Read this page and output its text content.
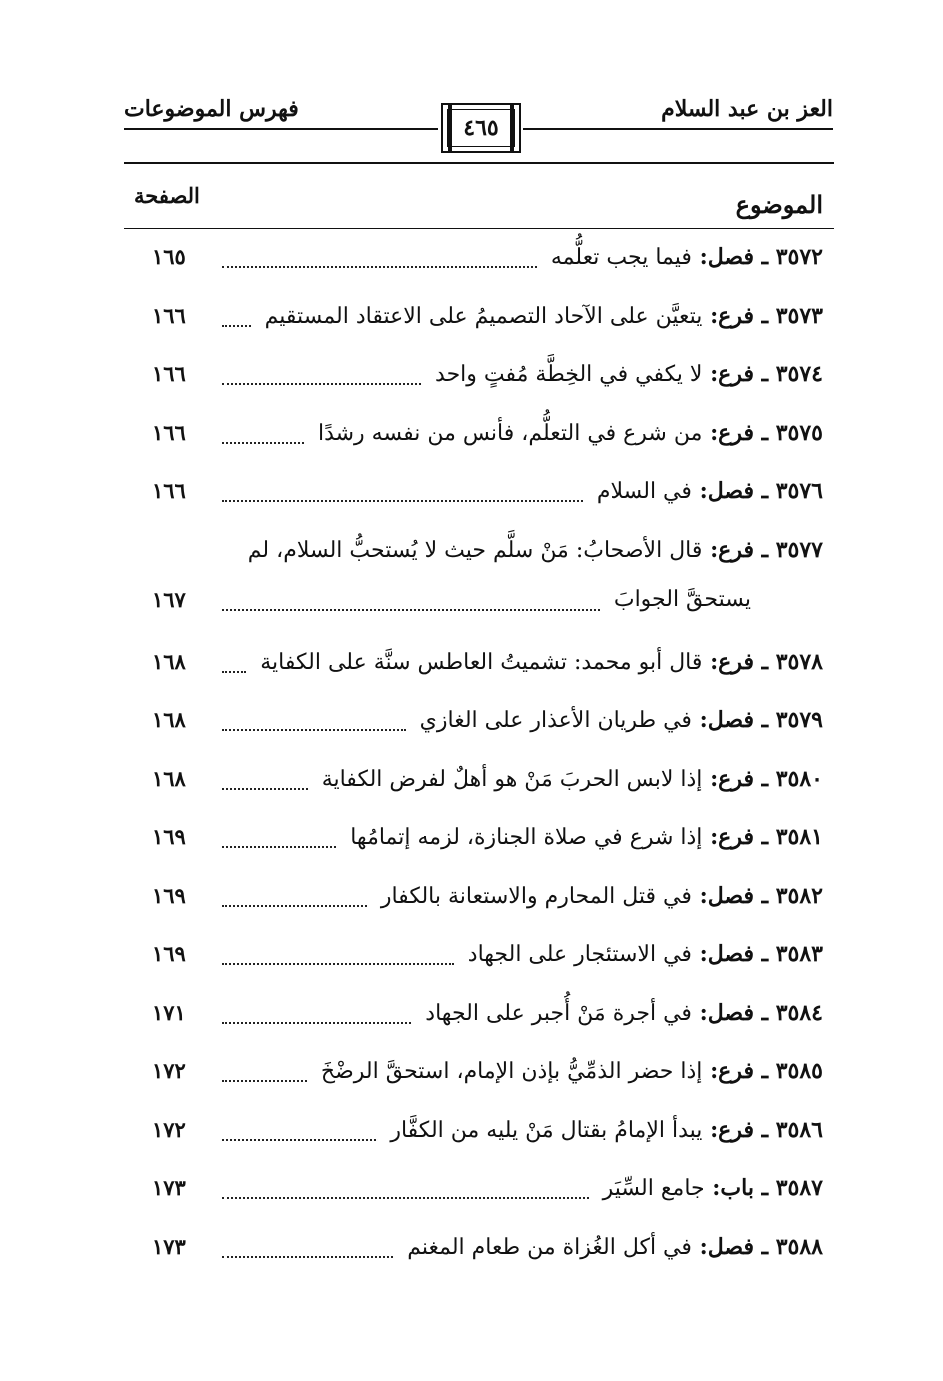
العز بن عبد السلام
فهرس الموضوعات
٤٦٥
الموضوع
الصفحة
٣٥٧٢ ـ فصل: فيما يجب تعلُّمه
١٦٥
٣٥٧٣ ـ فرع: يتعيَّن على الآحاد التصميمُ على الاعتقاد المستقيم
١٦٦
٣٥٧٤ ـ فرع: لا يكفي في الخِطَّة مُفتٍ واحد
١٦٦
٣٥٧٥ ـ فرع: من شرع في التعلُّم، فأنس من نفسه رشدًا
١٦٦
٣٥٧٦ ـ فصل: في السلام
١٦٦
٣٥٧٧ ـ فرع: قال الأصحابُ: مَنْ سلَّم حيث لا يُستحبُّ السلام، لم
يستحقَّ الجوابَ
١٦٧
٣٥٧٨ ـ فرع: قال أبو محمد: تشميتُ العاطس سنَّة على الكفاية
١٦٨
٣٥٧٩ ـ فصل: في طريان الأعذار على الغازي
١٦٨
٣٥٨٠ ـ فرع: إذا لابس الحربَ مَنْ هو أهلٌ لفرض الكفاية
١٦٨
٣٥٨١ ـ فرع: إذا شرع في صلاة الجنازة، لزمه إتمامُها
١٦٩
٣٥٨٢ ـ فصل: في قتل المحارم والاستعانة بالكفار
١٦٩
٣٥٨٣ ـ فصل: في الاستئجار على الجهاد
١٦٩
٣٥٨٤ ـ فصل: في أجرة مَنْ أُجبر على الجهاد
١٧١
٣٥٨٥ ـ فرع: إذا حضر الذمِّيُّ بإذن الإمام، استحقَّ الرضْخَ
١٧٢
٣٥٨٦ ـ فرع: يبدأ الإمامُ بقتال مَنْ يليه من الكفَّار
١٧٢
٣٥٨٧ ـ باب: جامع السِّيَر
١٧٣
٣٥٨٨ ـ فصل: في أكل الغُزاة من طعام المغنم
١٧٣
